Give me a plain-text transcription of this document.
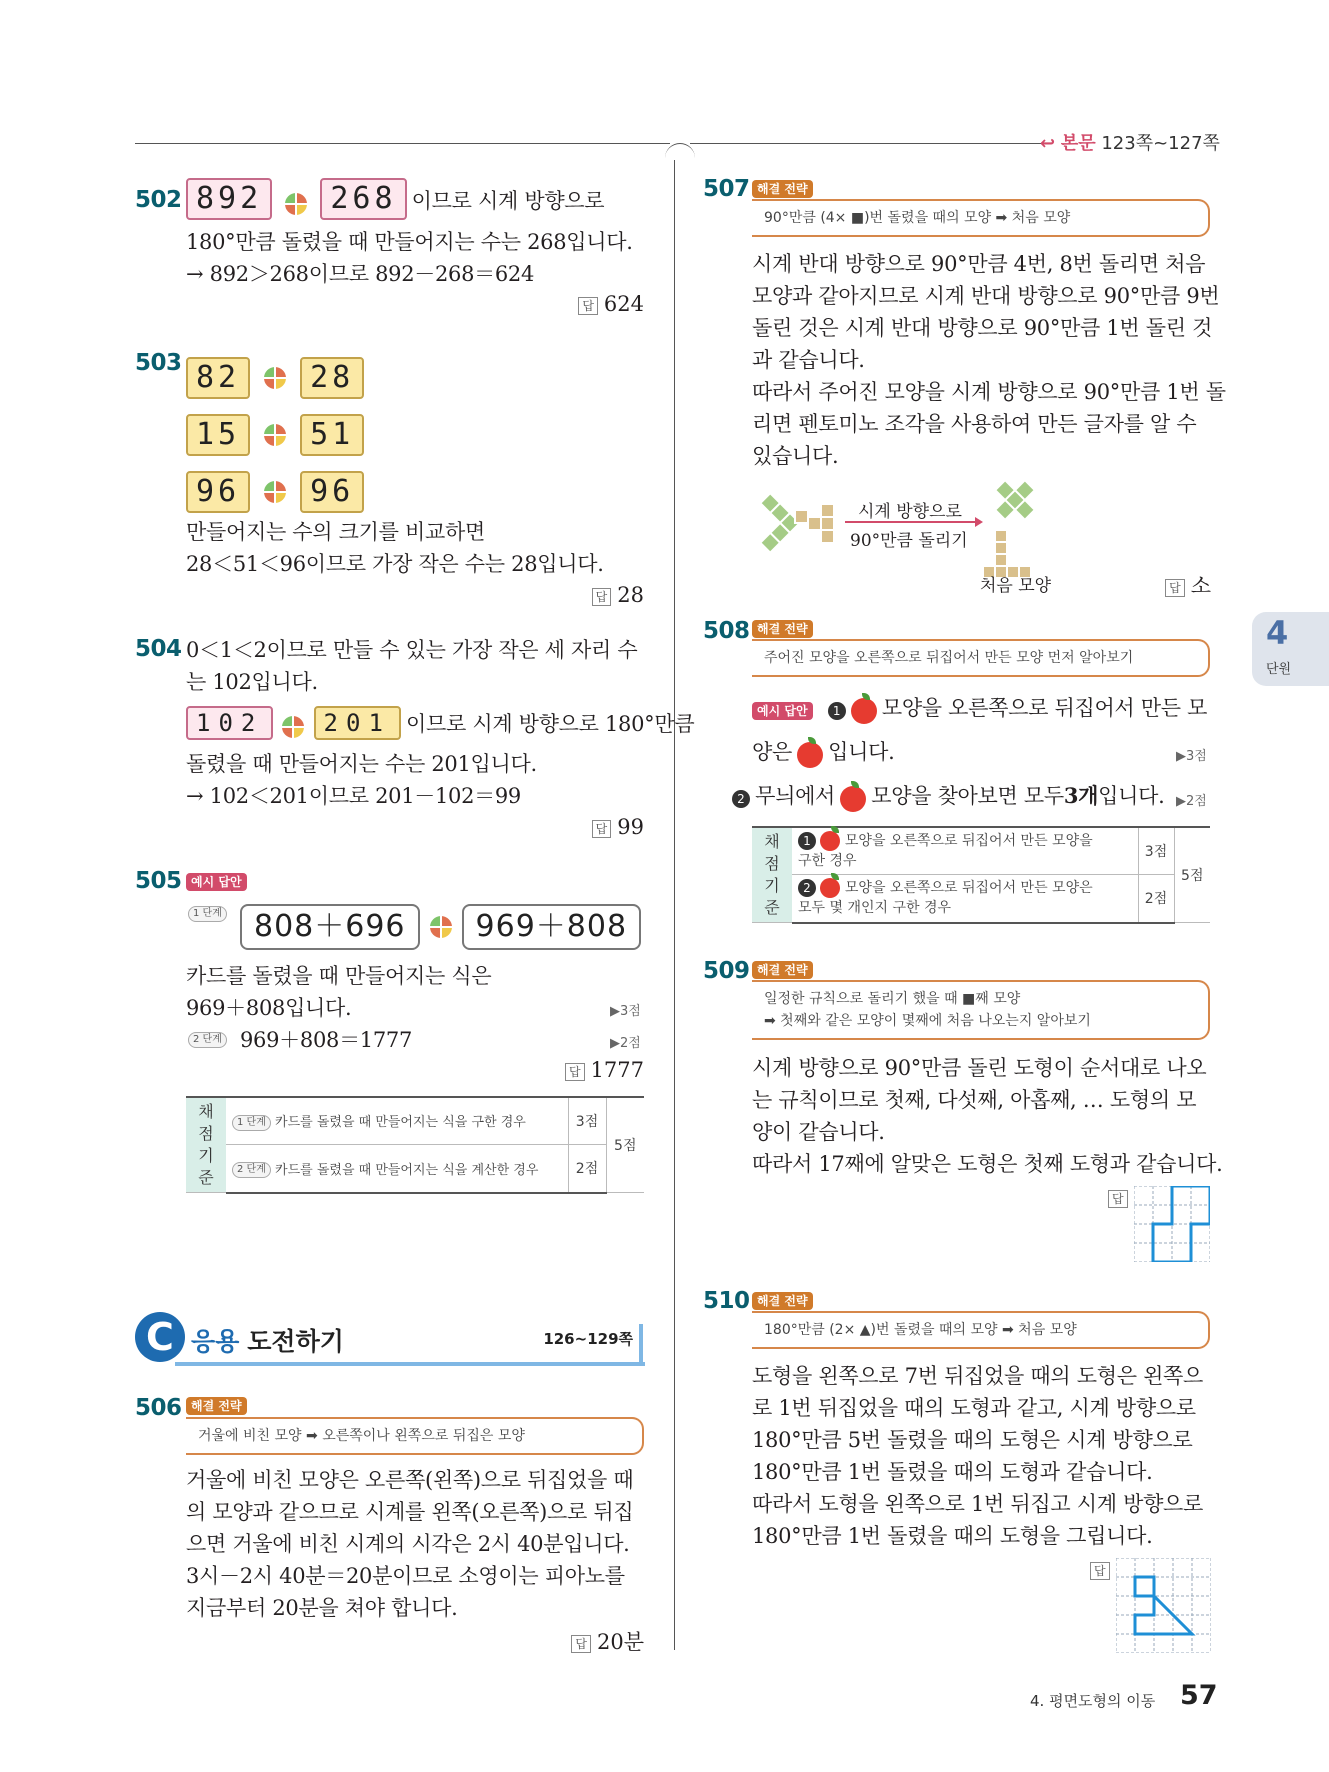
↩ 본문 123쪽~127쪽
502 892 268 이므로 시계 방향으로
180°만큼 돌렸을 때 만들어지는 수는 268입니다.
→ 892＞268이므로 892－268＝624
답 624
503 82	28
15	51
96	96
만들어지는 수의 크기를 비교하면
28＜51＜96이므로 가장 작은 수는 28입니다.
답 28
504 0＜1＜2이므로 만들 수 있는 가장 작은 세 자리 수
는 102입니다.
102	201 이므로 시계 방향으로 180°만큼
돌렸을 때 만들어지는 수는 201입니다.
→ 102＜201이므로 201－102＝99
답 99
505 예시 답안
1 단계	808＋696	969＋808
카드를 돌렸을 때 만들어지는 식은
969＋808입니다.	▶3점
2 단계 969＋808＝1777	▶2점
답 1777
채점 기준	1 단계 카드를 돌렸을 때 만들어지는 식을 구한 경우	3점	5점
	2 단계 카드를 돌렸을 때 만들어지는 식을 계산한 경우	2점	
C 응용 도전하기	126~129쪽
506 해결 전략
거울에 비친 모양 ➡ 오른쪽이나 왼쪽으로 뒤집은 모양
거울에 비친 모양은 오른쪽(왼쪽)으로 뒤집었을 때
의 모양과 같으므로 시계를 왼쪽(오른쪽)으로 뒤집
으면 거울에 비친 시계의 시각은 2시 40분입니다.
3시－2시 40분＝20분이므로 소영이는 피아노를
지금부터 20분을 쳐야 합니다.
답 20분
507 해결 전략
90°만큼 (4× ■)번 돌렸을 때의 모양 ➡ 처음 모양
시계 반대 방향으로 90°만큼 4번, 8번 돌리면 처음
모양과 같아지므로 시계 반대 방향으로 90°만큼 9번
돌린 것은 시계 반대 방향으로 90°만큼 1번 돌린 것
과 같습니다.
따라서 주어진 모양을 시계 방향으로 90°만큼 1번 돌
리면 펜토미노 조각을 사용하여 만든 글자를 알 수
있습니다.
시계 방향으로
90°만큼 돌리기
처음 모양	답 소
508 해결 전략
주어진 모양을 오른쪽으로 뒤집어서 만든 모양 먼저 알아보기
예시 답안 1 모양을 오른쪽으로 뒤집어서 만든 모
양은 입니다.	▶3점
2 무늬에서 모양을 찾아보면 모두3개입니다. ▶2점
채점 기준	1 모양을 오른쪽으로 뒤집어서 만든 모양을
구한 경우	3점	5점
	2 모양을 오른쪽으로 뒤집어서 만든 모양은
모두 몇 개인지 구한 경우	2점	
509 해결 전략
일정한 규칙으로 돌리기 했을 때 ■째 모양
➡ 첫째와 같은 모양이 몇째에 처음 나오는지 알아보기
시계 방향으로 90°만큼 돌린 도형이 순서대로 나오
는 규칙이므로 첫째, 다섯째, 아홉째, … 도형의 모
양이 같습니다.
따라서 17째에 알맞은 도형은 첫째 도형과 같습니다.
답
510 해결 전략
180°만큼 (2× ▲)번 돌렸을 때의 모양 ➡ 처음 모양
도형을 왼쪽으로 7번 뒤집었을 때의 도형은 왼쪽으
로 1번 뒤집었을 때의 도형과 같고, 시계 방향으로
180°만큼 5번 돌렸을 때의 도형은 시계 방향으로
180°만큼 1번 돌렸을 때의 도형과 같습니다.
따라서 도형을 왼쪽으로 1번 뒤집고 시계 방향으로
180°만큼 1번 돌렸을 때의 도형을 그립니다.
답
4
단원
4. 평면도형의 이동 57
